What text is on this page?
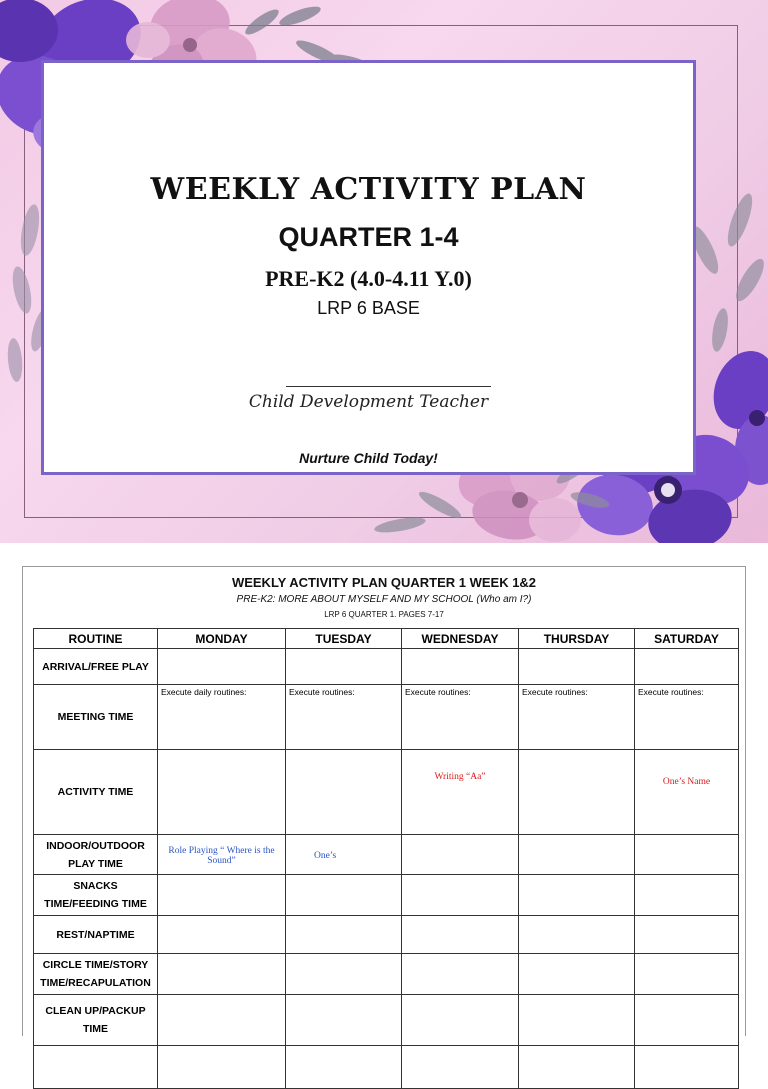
WEEKLY ACTIVITY PLAN
QUARTER 1-4
PRE-K2 (4.0-4.11 Y.0)
LRP 6 BASE
Child Development Teacher
Nurture Child Today!
WEEKLY ACTIVITY PLAN QUARTER 1 WEEK 1&2
PRE-K2: MORE ABOUT MYSELF AND MY SCHOOL (Who am I?)
LRP 6 QUARTER 1. PAGES 7-17
ROUTINE	MONDAY	TUESDAY	WEDNESDAY	THURSDAY	SATURDAY
ARRIVAL/FREE PLAY					
MEETING TIME	Execute daily routines:	Execute routines:	Execute routines:	Execute routines:	Execute routines:
ACTIVITY TIME			Writing “Aa”		One’s Name

INDOOR/OUTDOOR PLAY TIME	Role Playing “ Where is the Sound”	One’s			

SNACKS TIME/FEEDING TIME					
REST/NAPTIME					
CIRCLE TIME/STORY TIME/RECAPULATION					
CLEAN UP/PACKUP TIME					
